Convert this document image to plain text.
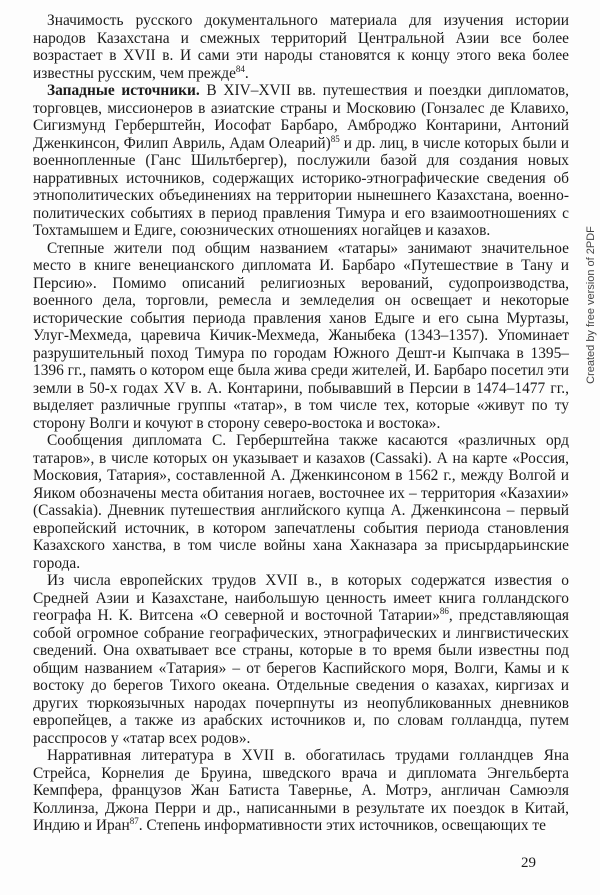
Значимость русского документального материала для изучения истории народов Казахстана и смежных территорий Центральной Азии все более возрастает в XVII в. И сами эти народы становятся к концу этого века более известны русским, чем прежде$^{84}$.

Западные источники. В XIV–XVII вв. путешествия и поездки дипломатов, торговцев, миссионеров в азиатские страны и Московию (Гонзалес де Клавихо, Сигизмунд Герберштейн, Иософат Барбаро, Амброджо Контарини, Антоний Дженкинсон, Филип Авриль, Адам Олеарий)$^{85}$ и др. лиц, в числе которых были и военнопленные (Ганс Шильтбергер), послужили базой для создания новых нарративных источников, содержащих историко-этнографические сведения об этнополитических объединениях на территории нынешнего Казахстана, военно-политических событиях в период правления Тимура и его взаимоотношениях с Тохтамышем и Едиге, союзнических отношениях ногайцев и казахов.

Степные жители под общим названием «татары» занимают значительное место в книге венецианского дипломата И. Барбаро «Путешествие в Тану и Персию». Помимо описаний религиозных верований, судопроизводства, военного дела, торговли, ремесла и земледелия он освещает и некоторые исторические события периода правления ханов Едыге и его сына Муртазы, Улуг-Мехмеда, царевича Кичик-Мехмеда, Жаныбека (1343–1357). Упоминает разрушительный поход Тимура по городам Южного Дешт-и Кыпчака в 1395–1396 гг., память о котором еще была жива среди жителей, И. Барбаро посетил эти земли в 50-х годах XV в. А. Контарини, побывавший в Персии в 1474–1477 гг., выделяет различные группы «татар», в том числе тех, которые «живут по ту сторону Волги и кочуют в сторону северо-востока и востока».

Сообщения дипломата С. Герберштейна также касаются «различных орд татаров», в числе которых он указывает и казахов (Cassaki). А на карте «Россия, Московия, Татария», составленной А. Дженкинсоном в 1562 г., между Волгой и Яиком обозначены места обитания ногаев, восточнее их – территория «Казахии» (Cassakia). Дневник путешествия английского купца А. Дженкинсона – первый европейский источник, в котором запечатлены события периода становления Казахского ханства, в том числе войны хана Хакназара за присырдарьинские города.

Из числа европейских трудов XVII в., в которых содержатся известия о Средней Азии и Казахстане, наибольшую ценность имеет книга голландского географа Н. К. Витсена «О северной и восточной Татарии»$^{86}$, представляющая собой огромное собрание географических, этнографических и лингвистических сведений. Она охватывает все страны, которые в то время были известны под общим названием «Татария» – от берегов Каспийского моря, Волги, Камы и к востоку до берегов Тихого океана. Отдельные сведения о казахах, киргизах и других тюркоязычных народах почерпнуты из неопубликованных дневников европейцев, а также из арабских источников и, по словам голландца, путем расспросов у «татар всех родов».

Нарративная литература в XVII в. обогатилась трудами голландцев Яна Стрейса, Корнелия де Бруина, шведского врача и дипломата Энгельберта Кемпфера, французов Жан Батиста Тавернье, А. Мотрэ, англичан Самюэля Коллинза, Джона Перри и др., написанными в результате их поездок в Китай, Индию и Иран$^{87}$. Степень информативности этих источников, освещающих те

Created by free version of 2PDF
29
